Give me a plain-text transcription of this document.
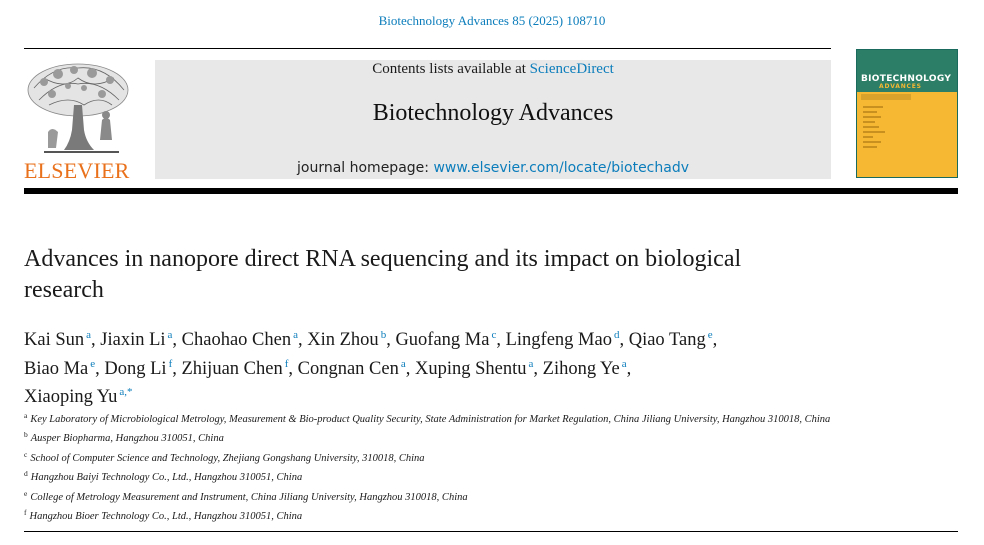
Biotechnology Advances 85 (2025) 108710
ELSEVIER
Contents lists available at ScienceDirect
Biotechnology Advances
journal homepage: www.elsevier.com/locate/biotechadv
BIOTECHNOLOGY
ADVANCES
Advances in nanopore direct RNA sequencing and its impact on biological research
Kai Sun $^a$, Jiaxin Li $^a$, Chaohao Chen $^a$, Xin Zhou $^b$, Guofang Ma $^c$, Lingfeng Mao $^d$, Qiao Tang $^e$,
Biao Ma $^e$, Dong Li $^f$, Zhijuan Chen $^f$, Congnan Cen $^a$, Xuping Shentu $^a$, Zihong Ye $^a$,
Xiaoping Yu $^{a,*}$
$^a$ Key Laboratory of Microbiological Metrology, Measurement & Bio-product Quality Security, State Administration for Market Regulation, China Jiliang University, Hangzhou 310018, China
$^b$ Ausper Biopharma, Hangzhou 310051, China
$^c$ School of Computer Science and Technology, Zhejiang Gongshang University, 310018, China
$^d$ Hangzhou Baiyi Technology Co., Ltd., Hangzhou 310051, China
$^e$ College of Metrology Measurement and Instrument, China Jiliang University, Hangzhou 310018, China
$^f$ Hangzhou Bioer Technology Co., Ltd., Hangzhou 310051, China
